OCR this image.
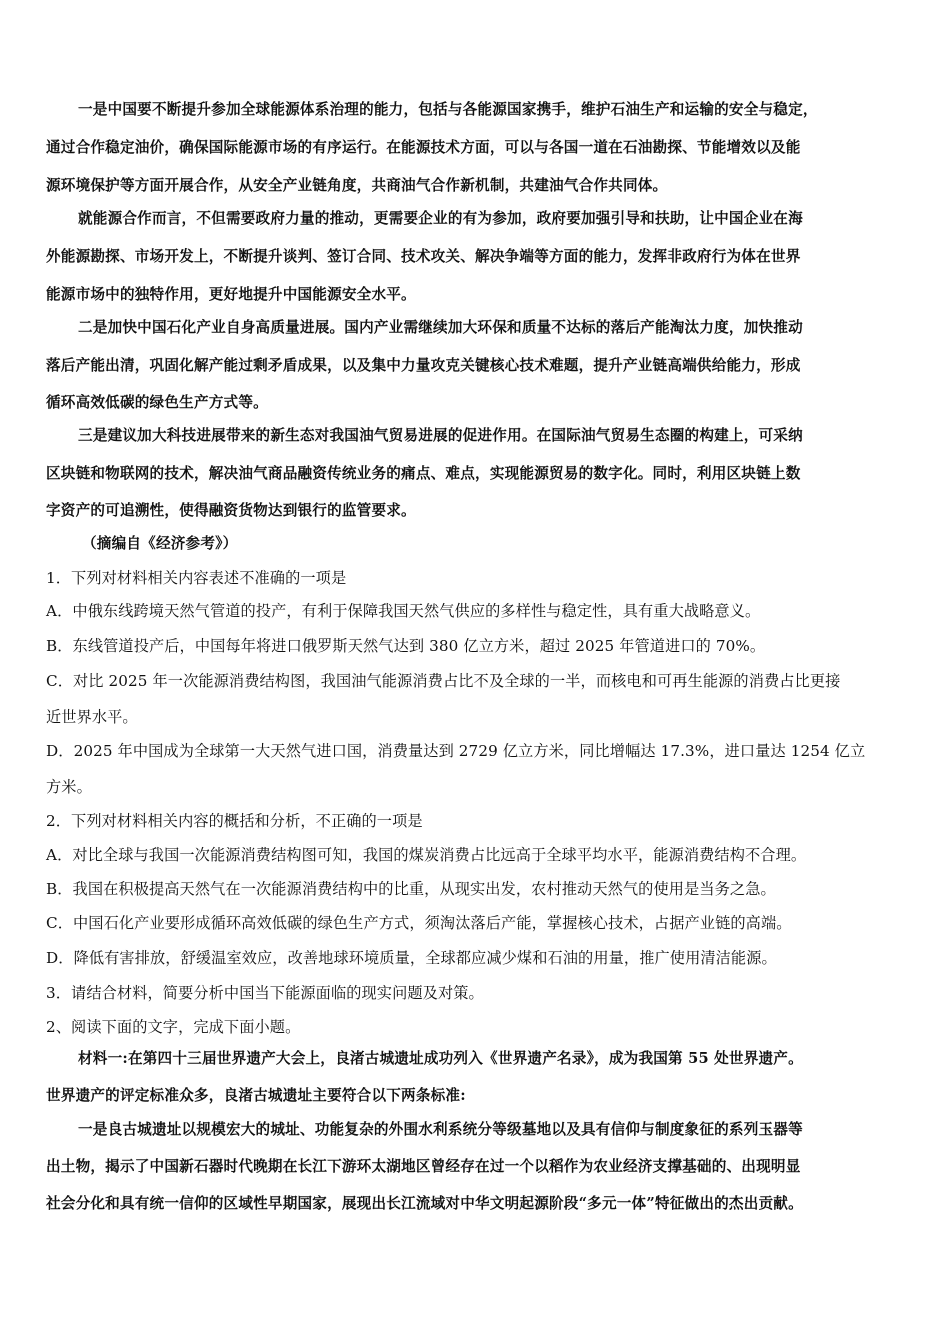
一是中国要不断提升参加全球能源体系治理的能力，包括与各能源国家携手，维护石油生产和运输的安全与稳定，
通过合作稳定油价，确保国际能源市场的有序运行。在能源技术方面，可以与各国一道在石油勘探、节能增效以及能
源环境保护等方面开展合作，从安全产业链角度，共商油气合作新机制，共建油气合作共同体。
就能源合作而言，不但需要政府力量的推动，更需要企业的有为参加，政府要加强引导和扶助，让中国企业在海
外能源勘探、市场开发上，不断提升谈判、签订合同、技术攻关、解决争端等方面的能力，发挥非政府行为体在世界
能源市场中的独特作用，更好地提升中国能源安全水平。
二是加快中国石化产业自身高质量进展。国内产业需继续加大环保和质量不达标的落后产能淘汰力度，加快推动
落后产能出清，巩固化解产能过剩矛盾成果，以及集中力量攻克关键核心技术难题，提升产业链高端供给能力，形成
循环高效低碳的绿色生产方式等。
三是建议加大科技进展带来的新生态对我国油气贸易进展的促进作用。在国际油气贸易生态圈的构建上，可采纳
区块链和物联网的技术，解决油气商品融资传统业务的痛点、难点，实现能源贸易的数字化。同时，利用区块链上数
字资产的可追溯性，使得融资货物达到银行的监管要求。
（摘编自《经济参考》）
1．下列对材料相关内容表述不准确的一项是
A．中俄东线跨境天然气管道的投产，有利于保障我国天然气供应的多样性与稳定性，具有重大战略意义。
B．东线管道投产后，中国每年将进口俄罗斯天然气达到 380 亿立方米，超过 2025 年管道进口的 70%。
C．对比 2025 年一次能源消费结构图，我国油气能源消费占比不及全球的一半，而核电和可再生能源的消费占比更接
近世界水平。
D．2025 年中国成为全球第一大天然气进口国，消费量达到 2729 亿立方米，同比增幅达 17.3%，进口量达 1254 亿立
方米。
2．下列对材料相关内容的概括和分析，不正确的一项是
A．对比全球与我国一次能源消费结构图可知，我国的煤炭消费占比远高于全球平均水平，能源消费结构不合理。
B．我国在积极提高天然气在一次能源消费结构中的比重，从现实出发，农村推动天然气的使用是当务之急。
C．中国石化产业要形成循环高效低碳的绿色生产方式，须淘汰落后产能，掌握核心技术，占据产业链的高端。
D．降低有害排放，舒缓温室效应，改善地球环境质量，全球都应减少煤和石油的用量，推广使用清洁能源。
3．请结合材料，简要分析中国当下能源面临的现实问题及对策。
2、阅读下面的文字，完成下面小题。
材料一:在第四十三届世界遗产大会上，良渚古城遗址成功列入《世界遗产名录》，成为我国第 55 处世界遗产。
世界遗产的评定标准众多，良渚古城遗址主要符合以下两条标准:
一是良古城遗址以规模宏大的城址、功能复杂的外围水利系统分等级墓地以及具有信仰与制度象征的系列玉器等
出土物，揭示了中国新石器时代晚期在长江下游环太湖地区曾经存在过一个以稻作为农业经济支撑基础的、出现明显
社会分化和具有统一信仰的区域性早期国家，展现出长江流域对中华文明起源阶段“多元一体”特征做出的杰出贡献。
